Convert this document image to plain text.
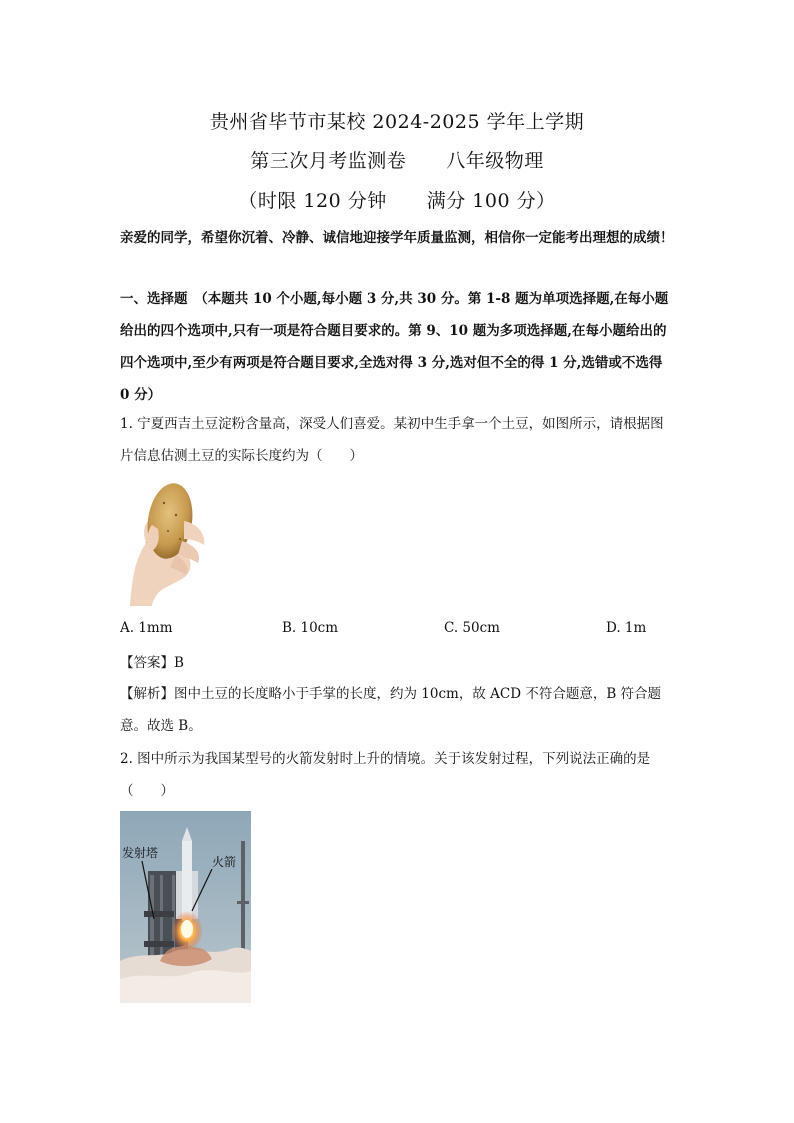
贵州省毕节市某校 2024-2025 学年上学期
第三次月考监测卷 八年级物理
（时限 120 分钟 满分 100 分）
亲爱的同学，希望你沉着、冷静、诚信地迎接学年质量监测，相信你一定能考出理想的成绩！
一、选择题　（本题共 10 个小题,每小题 3 分,共 30 分。第 1-8 题为单项选择题,在每小题给出的四个选项中,只有一项是符合题目要求的。第 9、10 题为多项选择题,在每小题给出的四个选项中,至少有两项是符合题目要求,全选对得 3 分,选对但不全的得 1 分,选错或不选得 0 分）
1. 宁夏西吉土豆淀粉含量高，深受人们喜爱。某初中生手拿一个土豆，如图所示，请根据图片信息估测土豆的实际长度约为（　　）
A. 1mm	B. 10cm	C. 50cm	D. 1m
【答案】B
【解析】图中土豆的长度略小于手掌的长度，约为 10cm，故 ACD 不符合题意，B 符合题意。故选 B。
2. 图中所示为我国某型号的火箭发射时上升的情境。关于该发射过程，下列说法正确的是（　　）
发射塔
火箭
